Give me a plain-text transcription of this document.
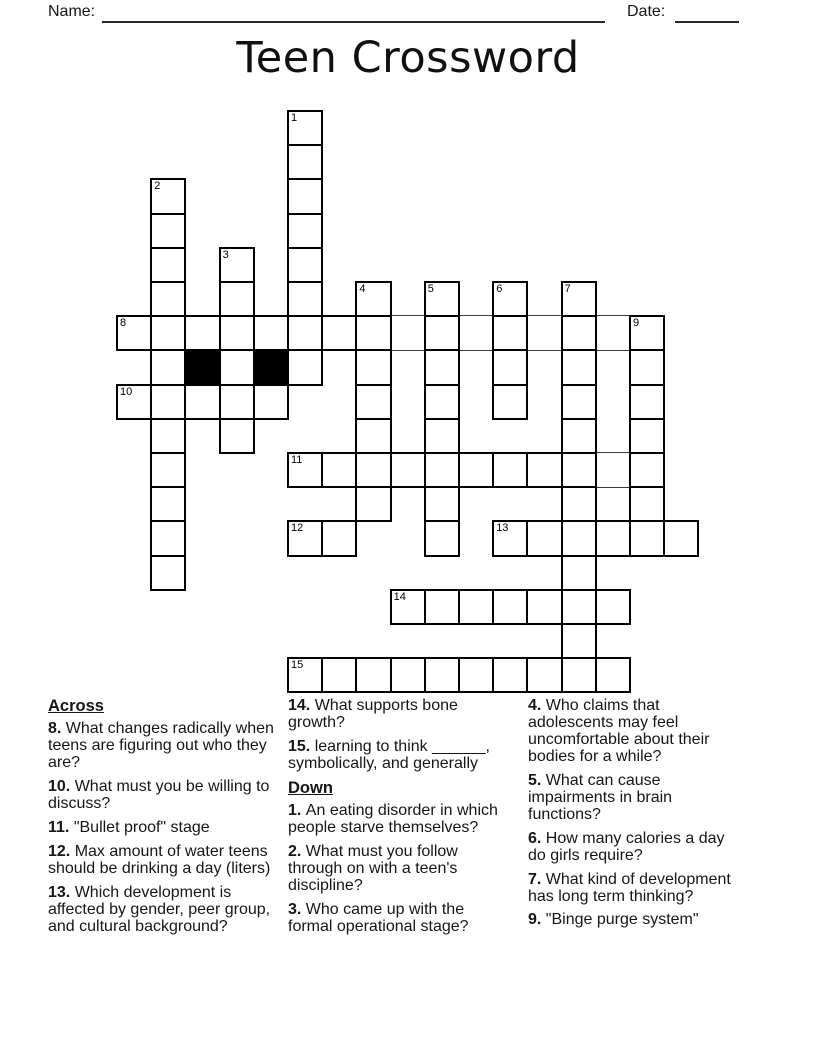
Name:	Date:
Teen Crossword
1
2
3
4	5	6	7
8	9
10
11
12	13
14
15
Across
8. What changes radically when teens are figuring out who they are?
10. What must you be willing to discuss?
11. "Bullet proof" stage
12. Max amount of water teens should be drinking a day (liters)
13. Which development is affected by gender, peer group, and cultural background?
14. What supports bone growth?
15. learning to think ______, symbolically, and generally
Down
1. An eating disorder in which people starve themselves?
2. What must you follow through on with a teen's discipline?
3. Who came up with the formal operational stage?
4. Who claims that adolescents may feel uncomfortable about their bodies for a while?
5. What can cause impairments in brain functions?
6. How many calories a day do girls require?
7. What kind of development has long term thinking?
9. "Binge purge system"
